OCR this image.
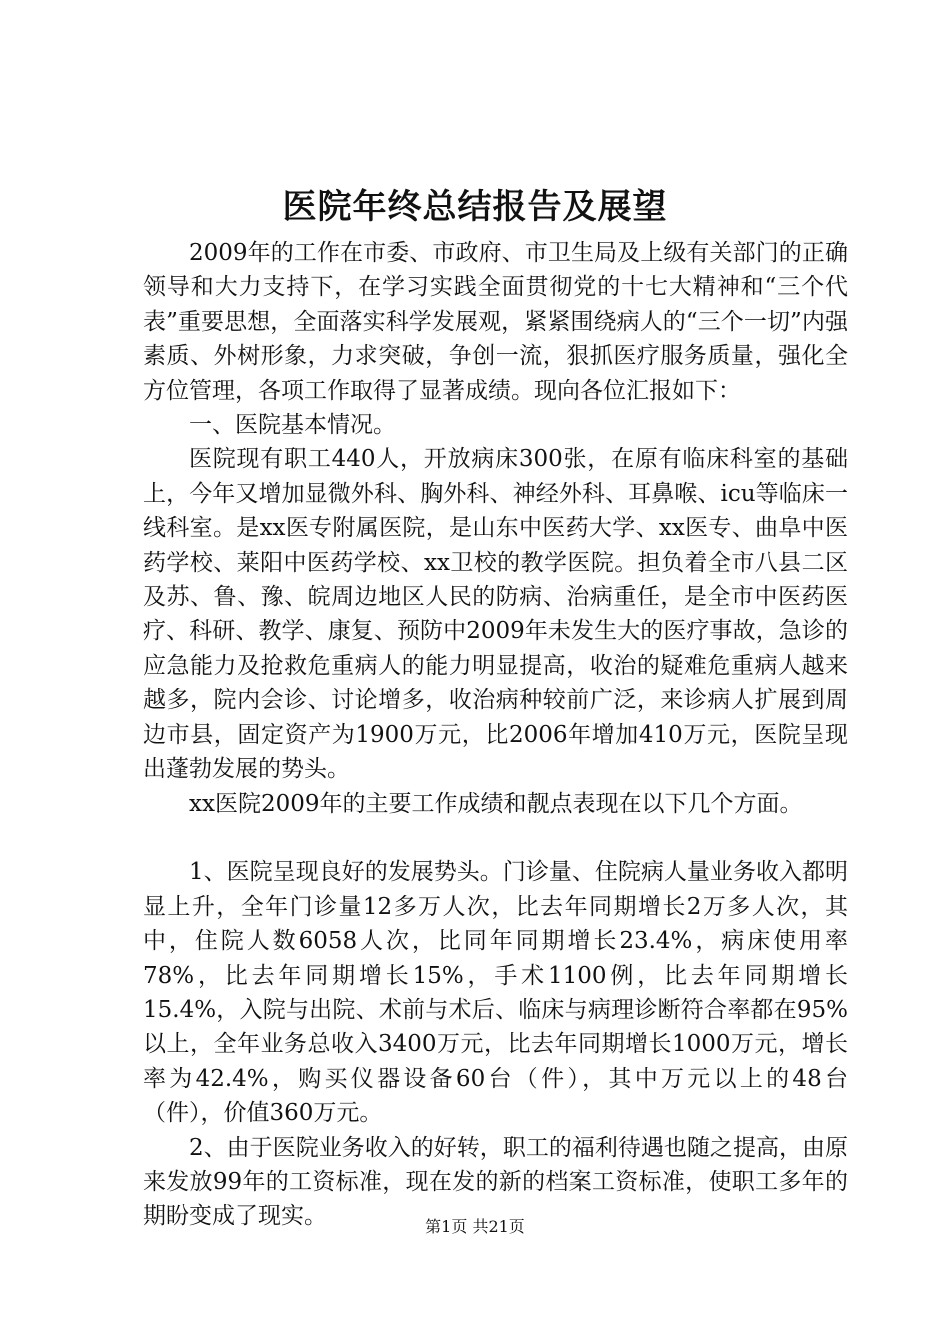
医院年终总结报告及展望

2009年的工作在市委、市政府、市卫生局及上级有关部门的正确领导和大力支持下，在学习实践全面贯彻党的十七大精神和“三个代表”重要思想，全面落实科学发展观，紧紧围绕病人的“三个一切”内强素质、外树形象，力求突破，争创一流，狠抓医疗服务质量，强化全方位管理，各项工作取得了显著成绩。现向各位汇报如下：

一、医院基本情况。

医院现有职工440人，开放病床300张，在原有临床科室的基础上，今年又增加显微外科、胸外科、神经外科、耳鼻喉、icu等临床一线科室。是xx医专附属医院，是山东中医药大学、xx医专、曲阜中医药学校、莱阳中医药学校、xx卫校的教学医院。担负着全市八县二区及苏、鲁、豫、皖周边地区人民的防病、治病重任，是全市中医药医疗、科研、教学、康复、预防中2009年未发生大的医疗事故，急诊的应急能力及抢救危重病人的能力明显提高，收治的疑难危重病人越来越多，院内会诊、讨论增多，收治病种较前广泛，来诊病人扩展到周边市县，固定资产为1900万元，比2006年增加410万元，医院呈现出蓬勃发展的势头。

xx医院2009年的主要工作成绩和靓点表现在以下几个方面。

1、医院呈现良好的发展势头。门诊量、住院病人量业务收入都明显上升，全年门诊量12多万人次，比去年同期增长2万多人次，其中，住院人数6058人次，比同年同期增长23.4%，病床使用率78%，比去年同期增长15%，手术1100例，比去年同期增长15.4%，入院与出院、术前与术后、临床与病理诊断符合率都在95%以上，全年业务总收入3400万元，比去年同期增长1000万元，增长率为42.4%，购买仪器设备60台（件），其中万元以上的48台（件），价值360万元。

2、由于医院业务收入的好转，职工的福利待遇也随之提高，由原来发放99年的工资标准，现在发的新的档案工资标准，使职工多年的期盼变成了现实。	第1页 共21页
